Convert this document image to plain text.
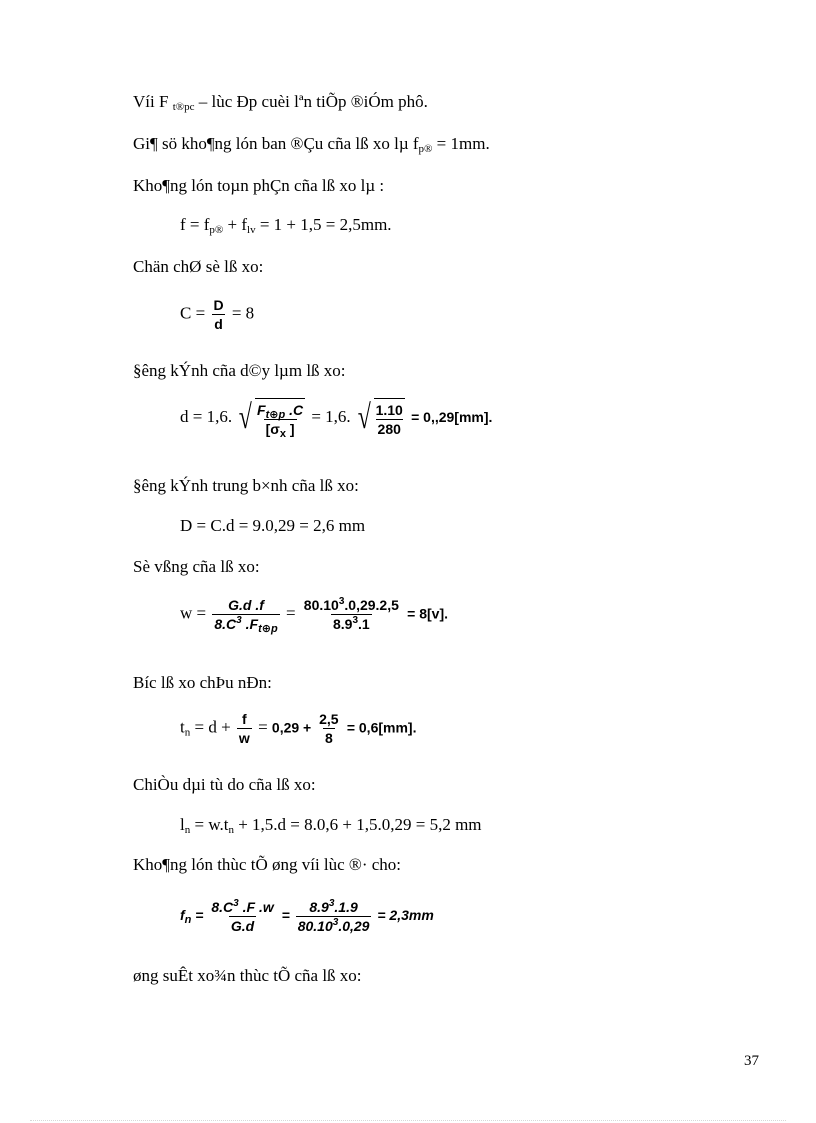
Víi F $_{t®pc}$ – lùc Ðp cuèi lªn tiÕp ®iÓm phô.
Gi¶ sö kho¶ng lón ban ®Çu cña lß xo lµ $f_{p®} = 1mm$.
Kho¶ng lón toµn phÇn cña lß xo lµ :
$f = f_{p®} + f_{lv} = 1 + 1,5 = 2,5mm$.
Chän chØ sè lß xo:
$C = \frac{D}{d} = 8$
§êng kÝnh cña d©y lµm lß xo:
d = 1,6. √ $\frac{F_{t\oplus p} .C}{[\sigma_x ]} = 1,6$. √ $\frac{1.10}{280} = 0,,29[mm]$.
§êng kÝnh trung b×nh cña lß xo:
D = C.d = 9.0,29 = 2,6 mm
Sè vßng cña lß xo:
$w = \frac{G.d .f}{8.C^3 .F_{t\oplus p}} = \frac{80.10^3.0,29.2,5}{8.9^3.1} = 8[v]$.
Bíc lß xo chÞu nÐn:
$t_n = d + \frac{f}{w} = 0,29 + \frac{2,5}{8} = 0,6[mm]$.
ChiÒu dµi tù do cña lß xo:
$l_n = w.t_n + 1,5.d = 8.0,6 + 1,5.0,29 = 5,2$ mm
Kho¶ng lón thùc tÕ øng víi lùc ®· cho:
$f_n = \frac{8.C^3 .F .w}{G.d} = \frac{8.9^3.1.9}{80.10^3.0,29} = 2,3mm$
øng suÊt xo¾n thùc tÕ cña lß xo:
37
